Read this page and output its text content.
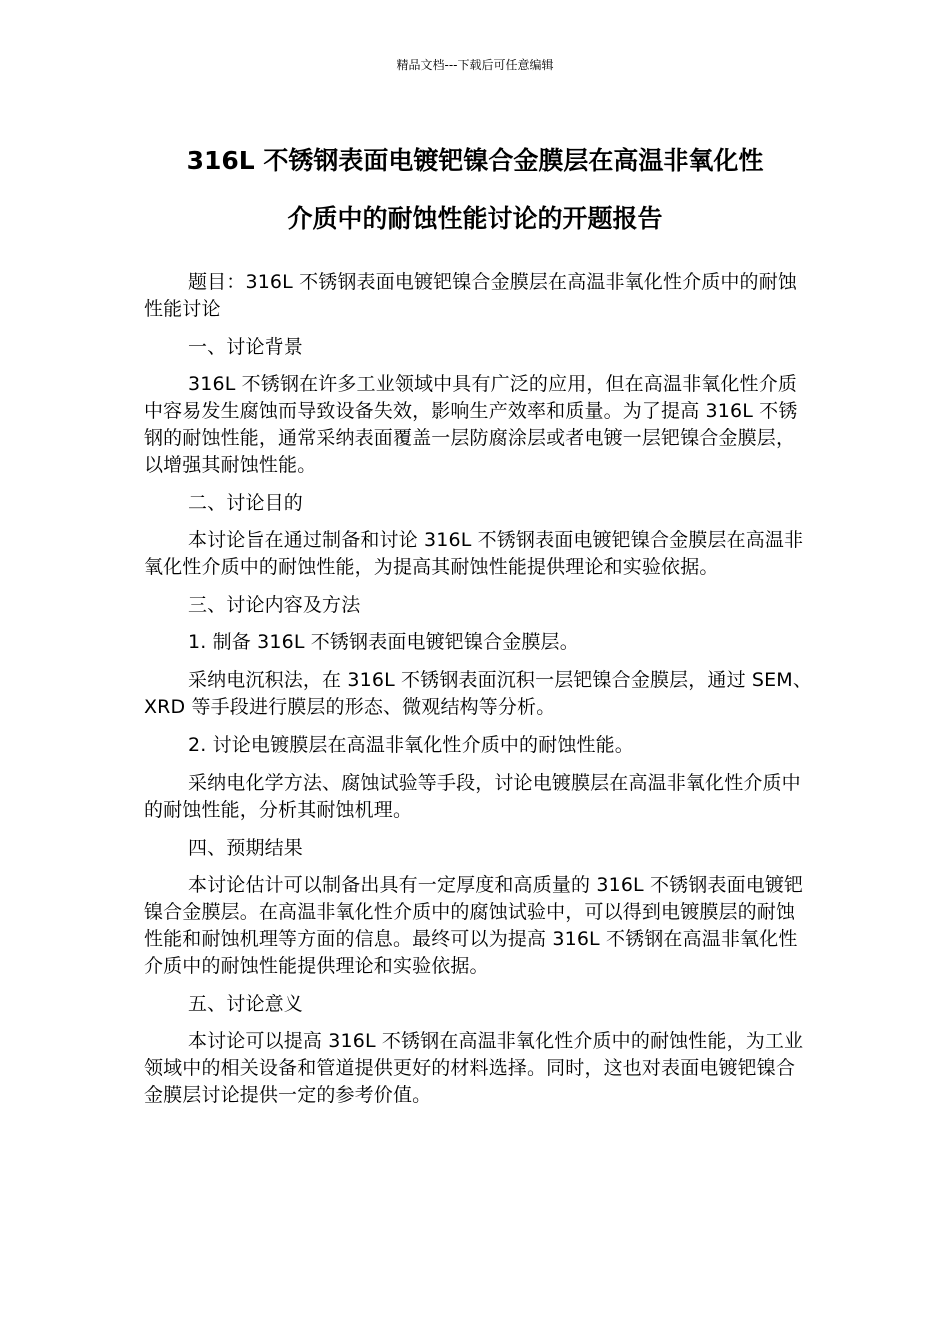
精品文档---下载后可任意编辑
316L 不锈钢表面电镀钯镍合金膜层在高温非氧化性
介质中的耐蚀性能讨论的开题报告

题目：316L 不锈钢表面电镀钯镍合金膜层在高温非氧化性介质中的耐蚀性能讨论

一、讨论背景

316L 不锈钢在许多工业领域中具有广泛的应用，但在高温非氧化性介质中容易发生腐蚀而导致设备失效，影响生产效率和质量。为了提高 316L 不锈钢的耐蚀性能，通常采纳表面覆盖一层防腐涂层或者电镀一层钯镍合金膜层，以增强其耐蚀性能。

二、讨论目的

本讨论旨在通过制备和讨论 316L 不锈钢表面电镀钯镍合金膜层在高温非氧化性介质中的耐蚀性能，为提高其耐蚀性能提供理论和实验依据。

三、讨论内容及方法

1. 制备 316L 不锈钢表面电镀钯镍合金膜层。

采纳电沉积法，在 316L 不锈钢表面沉积一层钯镍合金膜层，通过 SEM、XRD 等手段进行膜层的形态、微观结构等分析。

2. 讨论电镀膜层在高温非氧化性介质中的耐蚀性能。

采纳电化学方法、腐蚀试验等手段，讨论电镀膜层在高温非氧化性介质中的耐蚀性能，分析其耐蚀机理。

四、预期结果

本讨论估计可以制备出具有一定厚度和高质量的 316L 不锈钢表面电镀钯镍合金膜层。在高温非氧化性介质中的腐蚀试验中，可以得到电镀膜层的耐蚀性能和耐蚀机理等方面的信息。最终可以为提高 316L 不锈钢在高温非氧化性介质中的耐蚀性能提供理论和实验依据。

五、讨论意义

本讨论可以提高 316L 不锈钢在高温非氧化性介质中的耐蚀性能，为工业领域中的相关设备和管道提供更好的材料选择。同时，这也对表面电镀钯镍合金膜层讨论提供一定的参考价值。
